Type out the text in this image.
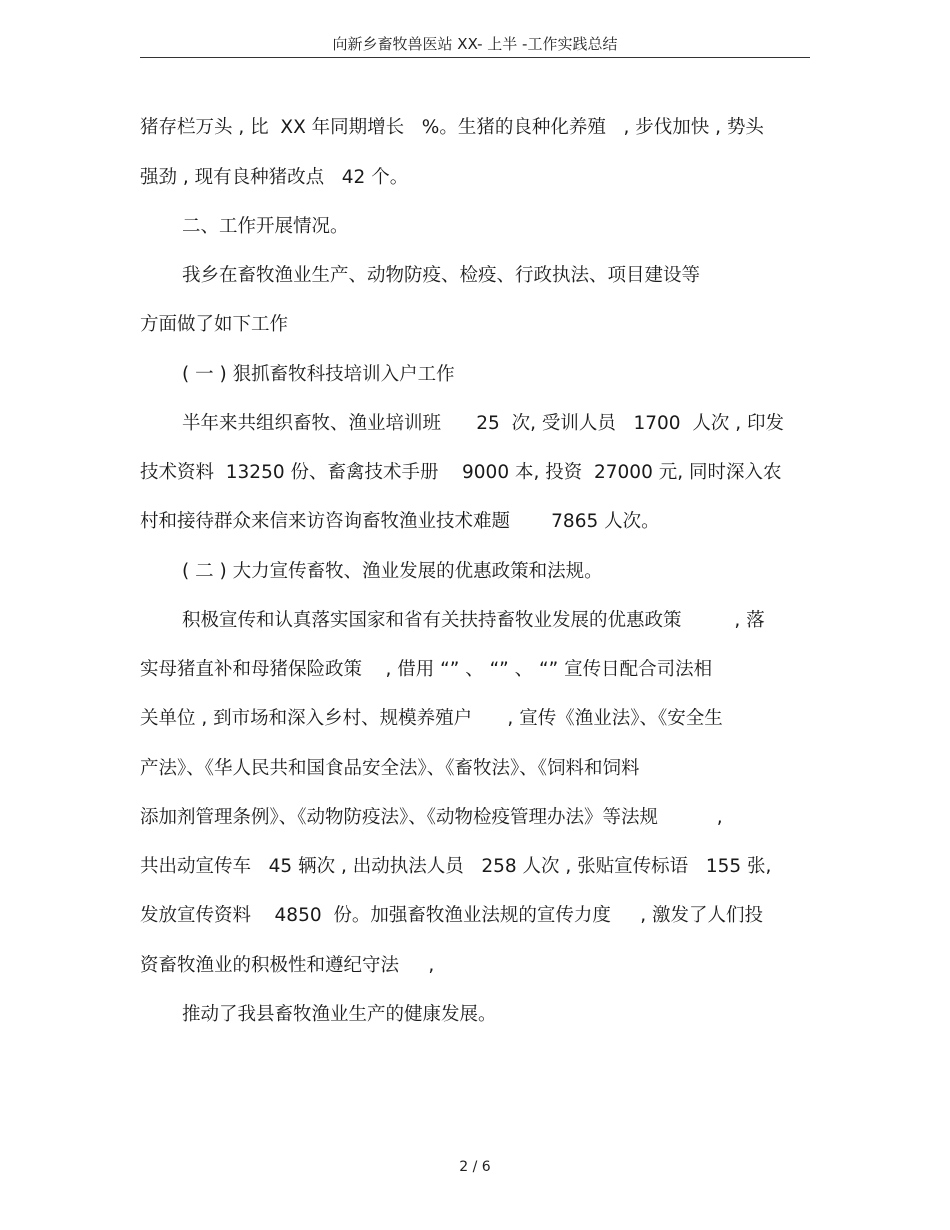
向新乡畜牧兽医站 XX- 上半 -工作实践总结
猪存栏万头 , 比  XX 年同期增长   %。生猪的良种化养殖   , 步伐加快 , 势头
强劲 , 现有良种猪改点   42 个。
二、工作开展情况。
我乡在畜牧渔业生产、动物防疫、检疫、行政执法、项目建设等
方面做了如下工作
( 一 ) 狠抓畜牧科技培训入户工作
半年来共组织畜牧、渔业培训班      25  次, 受训人员   1700  人次 , 印发
技术资料  13250 份、畜禽技术手册    9000 本, 投资  27000 元, 同时深入农
村和接待群众来信来访咨询畜牧渔业技术难题       7865 人次。
( 二 ) 大力宣传畜牧、渔业发展的优惠政策和法规。
积极宣传和认真落实国家和省有关扶持畜牧业发展的优惠政策         , 落
实母猪直补和母猪保险政策    , 借用 “” 、 “” 、 “” 宣传日配合司法相
关单位 , 到市场和深入乡村、规模养殖户      , 宣传《渔业法》、《安全生
产法》、《华人民共和国食品安全法》、《畜牧法》、《饲料和饲料
添加剂管理条例》、《动物防疫法》、《动物检疫管理办法》等法规          ,
共出动宣传车   45 辆次 , 出动执法人员   258 人次 , 张贴宣传标语   155 张,
发放宣传资料    4850  份。加强畜牧渔业法规的宣传力度     , 激发了人们投
资畜牧渔业的积极性和遵纪守法     ,
推动了我县畜牧渔业生产的健康发展。
2 / 6
